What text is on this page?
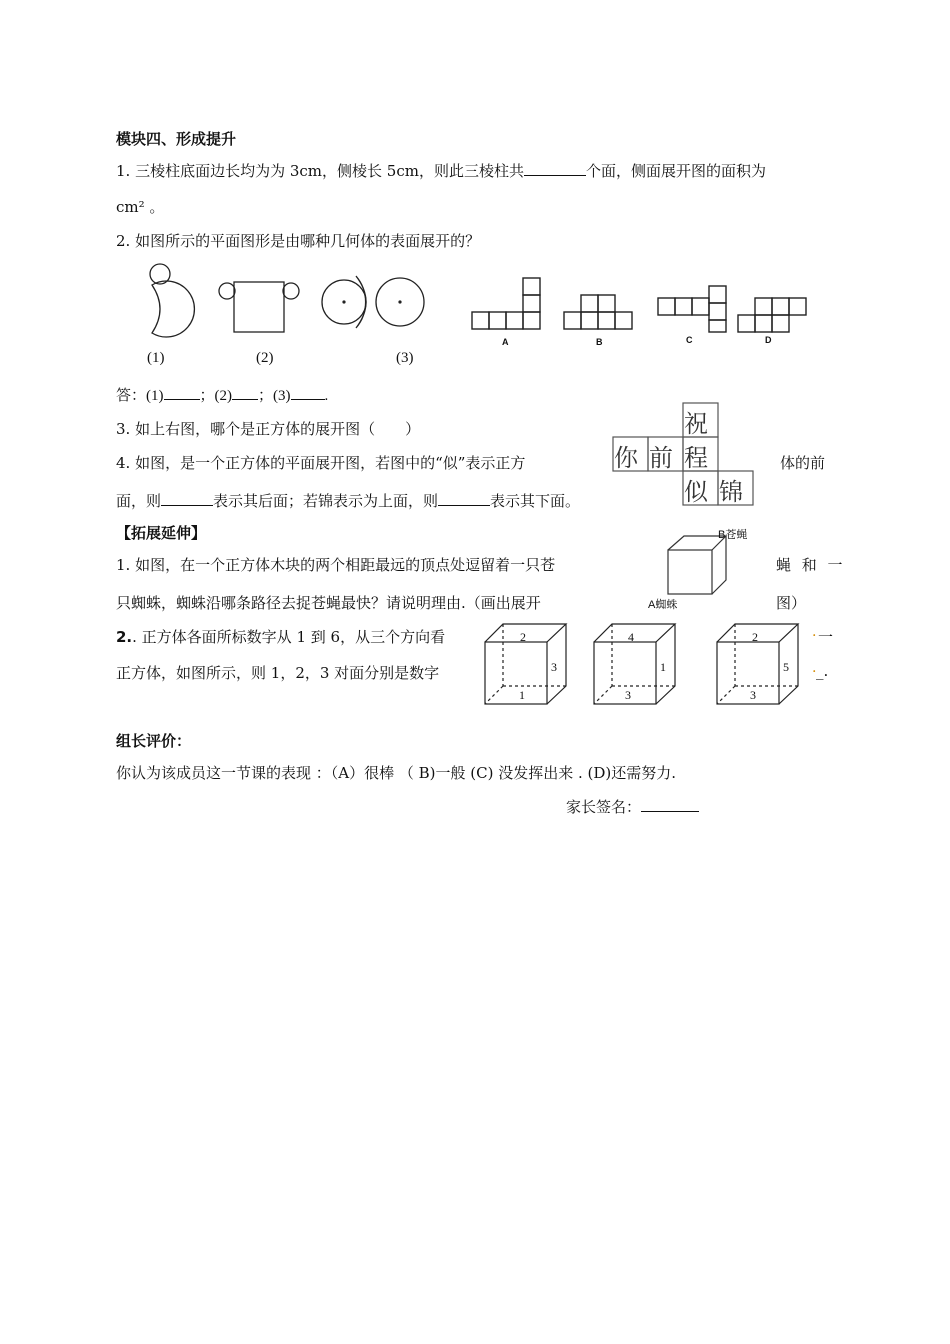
模块四、形成提升
1. 三棱柱底面边长均为为 3cm，侧棱长 5cm，则此三棱柱共	个面，侧面展开图的面积为
cm² 。
2. 如图所示的平面图形是由哪种几何体的表面展开的？
(1)	(2)	(3)
A	B	C	D
答：(1) ；(2) ；(3) .
3. 如上右图，哪个是正方体的展开图（　　）	祝
你 前 程
似 锦
4. 如图，是一个正方体的平面展开图，若图中的“似”表示正方	体的前
面，则	表示其后面；若锦表示为上面，则	表示其下面。
【拓展延伸】	B苍蝇
A蜘蛛
1. 如图，在一个正方体木块的两个相距最远的顶点处逗留着一只苍	蝇 和 一
只蜘蛛，蜘蛛沿哪条路径去捉苍蝇最快？请说明理由.（画出展开	图）
2.. 正方体各面所标数字从 1 到 6，从三个方向看
正方体，如图所示，则 1，2，3 对面分别是数字
一
_.
.
.
2
3
1
4
1
3
2
5
3
组长评价：
你认为该成员这一节课的表现 ：（A）很棒 （ B)一般 (C) 没发挥出来 . (D)还需努力.
家长签名：
